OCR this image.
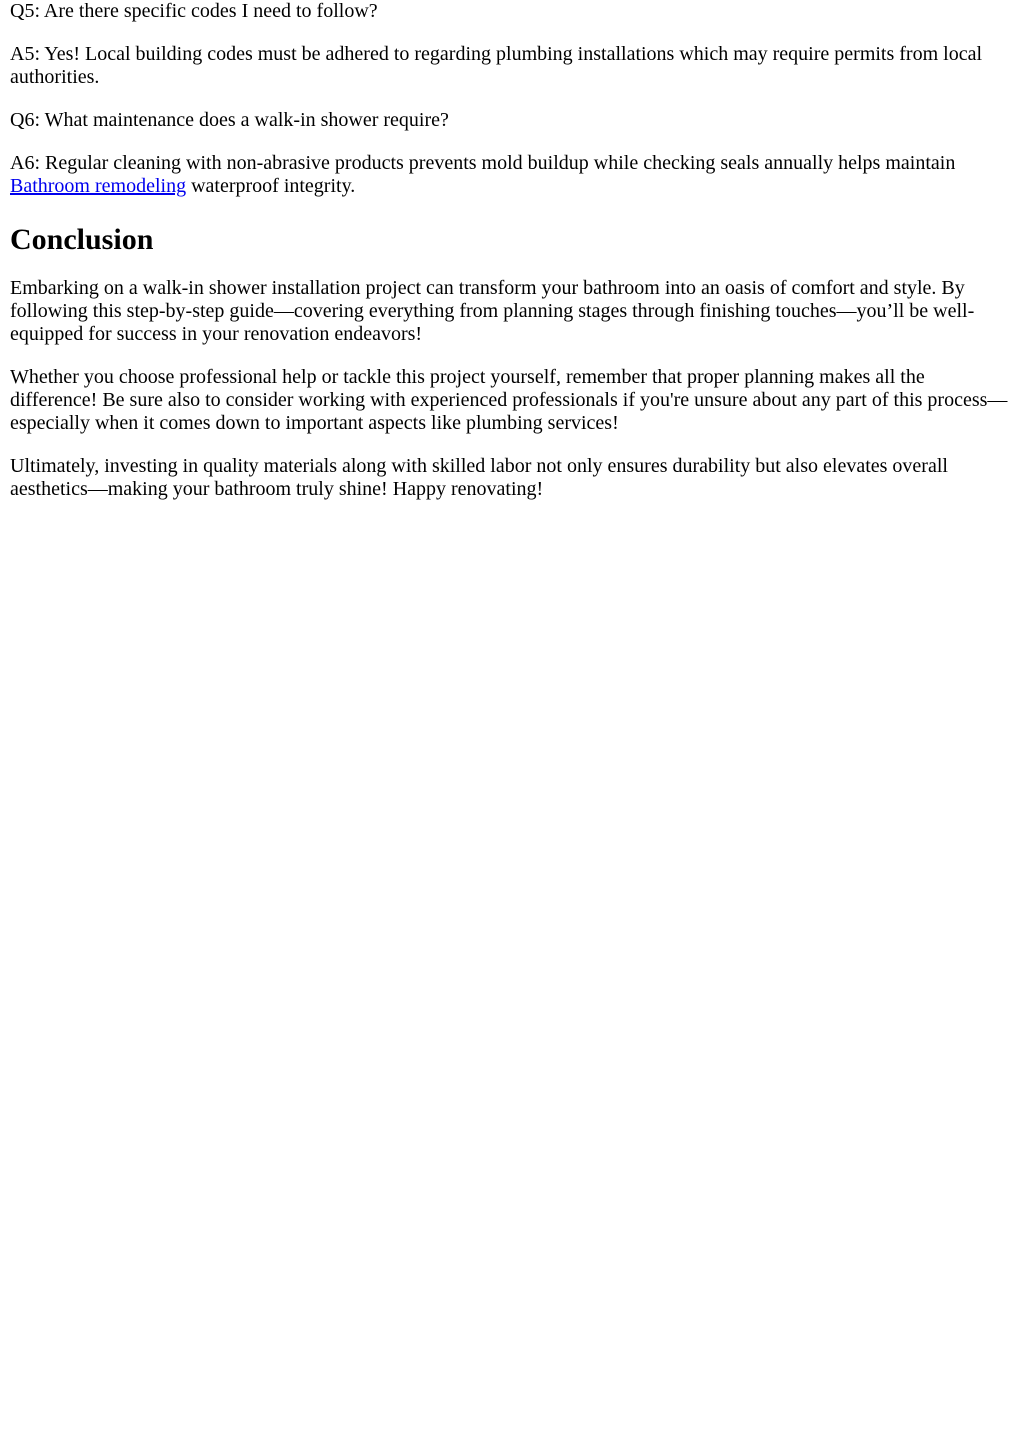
Q5: Are there specific codes I need to follow?

A5: Yes! Local building codes must be adhered to regarding plumbing installations which may require permits from local authorities.

Q6: What maintenance does a walk-in shower require?

A6: Regular cleaning with non-abrasive products prevents mold buildup while checking seals annually helps maintain Bathroom remodeling waterproof integrity.

Conclusion

Embarking on a walk-in shower installation project can transform your bathroom into an oasis of comfort and style. By following this step-by-step guide—covering everything from planning stages through finishing touches—you’ll be well-equipped for success in your renovation endeavors!

Whether you choose professional help or tackle this project yourself, remember that proper planning makes all the difference! Be sure also to consider working with experienced professionals if you're unsure about any part of this process—especially when it comes down to important aspects like plumbing services!

Ultimately, investing in quality materials along with skilled labor not only ensures durability but also elevates overall aesthetics—making your bathroom truly shine! Happy renovating!
